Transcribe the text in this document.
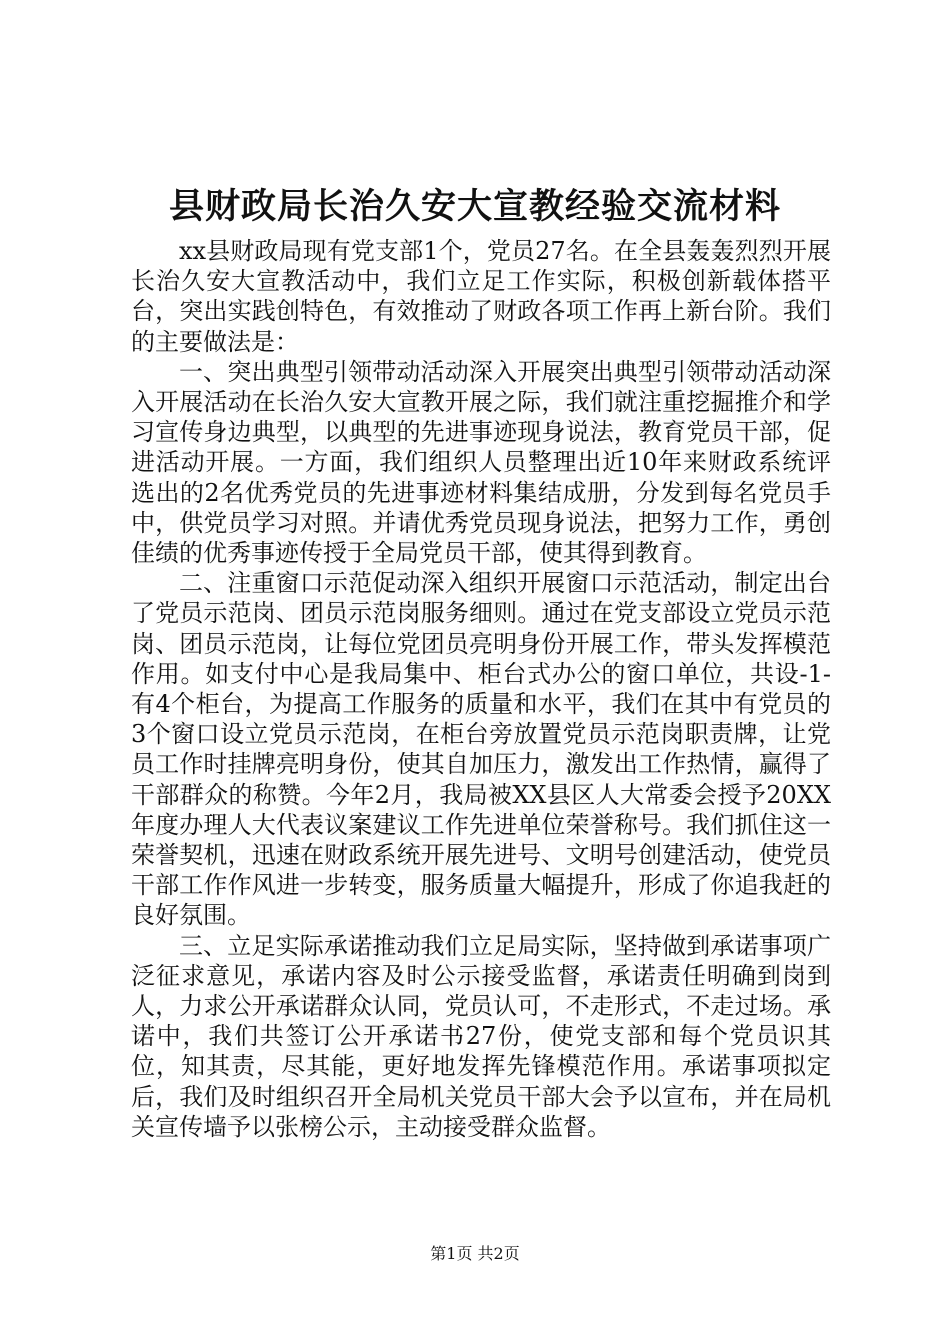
县财政局长治久安大宣教经验交流材料

xx县财政局现有党支部1个，党员27名。在全县轰轰烈烈开展长治久安大宣教活动中，我们立足工作实际，积极创新载体搭平台，突出实践创特色，有效推动了财政各项工作再上新台阶。我们的主要做法是：

一、突出典型引领带动活动深入开展突出典型引领带动活动深入开展活动在长治久安大宣教开展之际，我们就注重挖掘推介和学习宣传身边典型，以典型的先进事迹现身说法，教育党员干部，促进活动开展。一方面，我们组织人员整理出近10年来财政系统评选出的2名优秀党员的先进事迹材料集结成册，分发到每名党员手中，供党员学习对照。并请优秀党员现身说法，把努力工作，勇创佳绩的优秀事迹传授于全局党员干部，使其得到教育。

二、注重窗口示范促动深入组织开展窗口示范活动，制定出台了党员示范岗、团员示范岗服务细则。通过在党支部设立党员示范岗、团员示范岗，让每位党团员亮明身份开展工作，带头发挥模范作用。如支付中心是我局集中、柜台式办公的窗口单位，共设-1-有4个柜台，为提高工作服务的质量和水平，我们在其中有党员的3个窗口设立党员示范岗，在柜台旁放置党员示范岗职责牌，让党员工作时挂牌亮明身份，使其自加压力，激发出工作热情，赢得了干部群众的称赞。今年2月，我局被XX县区人大常委会授予20XX年度办理人大代表议案建议工作先进单位荣誉称号。我们抓住这一荣誉契机，迅速在财政系统开展先进号、文明号创建活动，使党员干部工作作风进一步转变，服务质量大幅提升，形成了你追我赶的良好氛围。

三、立足实际承诺推动我们立足局实际，坚持做到承诺事项广泛征求意见，承诺内容及时公示接受监督，承诺责任明确到岗到人，力求公开承诺群众认同，党员认可，不走形式，不走过场。承诺中，我们共签订公开承诺书27份，使党支部和每个党员识其位，知其责，尽其能，更好地发挥先锋模范作用。承诺事项拟定后，我们及时组织召开全局机关党员干部大会予以宣布，并在局机关宣传墙予以张榜公示，主动接受群众监督。

第1页 共2页
